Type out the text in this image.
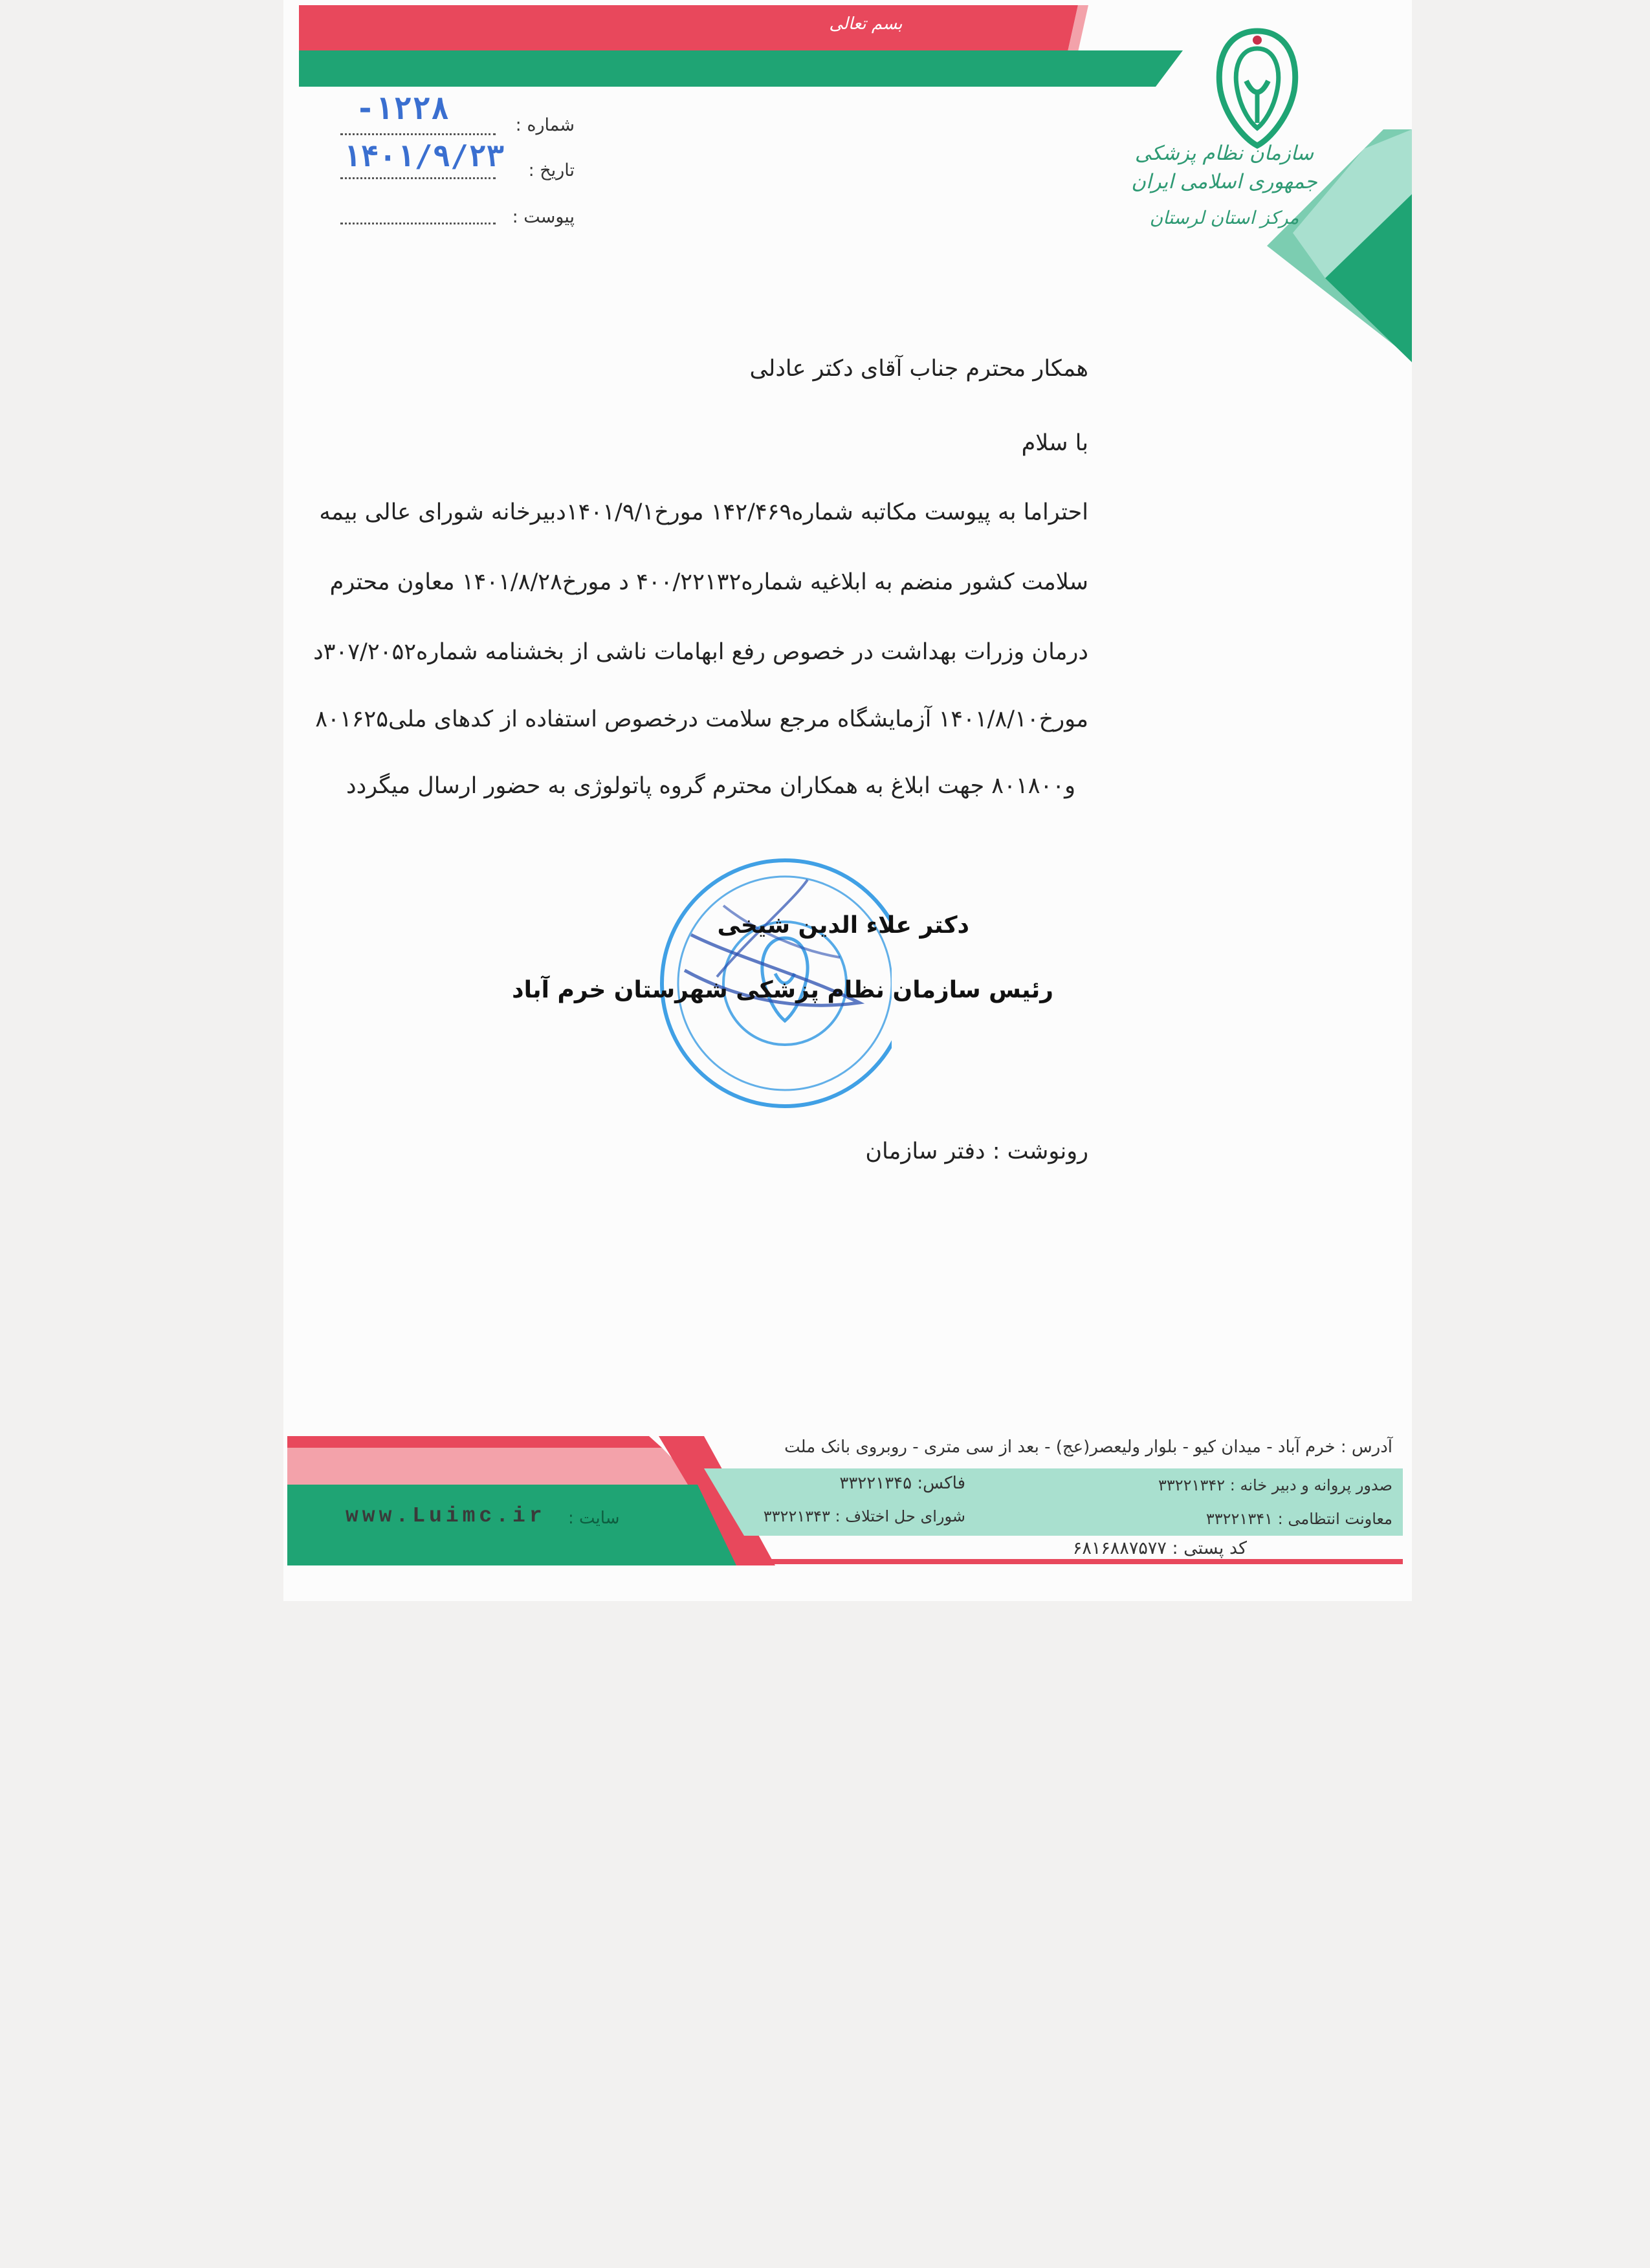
بسم تعالی
سازمان نظام پزشکی جمهوری اسلامی ایران
مرکز استان لرستان
شماره :
-۱۲۲۸
تاریخ :
۱۴۰۱/۹/۲۳
پیوست :
همکار محترم جناب آقای دکتر عادلی
با سلام
احتراما به پیوست مکاتبه شماره۱۴۲/۴۶۹ مورخ۱۴۰۱/۹/۱دبیرخانه شورای عالی بیمه
سلامت کشور منضم به ابلاغیه شماره۴۰۰/۲۲۱۳۲ د مورخ۱۴۰۱/۸/۲۸ معاون محترم
درمان وزرات بهداشت در خصوص رفع ابهامات ناشی از بخشنامه شماره۳۰۷/۲۰۵۲د
مورخ۱۴۰۱/۸/۱۰ آزمایشگاه مرجع سلامت درخصوص استفاده از کدهای ملی۸۰۱۶۲۵
و۸۰۱۸۰۰ جهت ابلاغ به همکاران محترم گروه پاتولوژی به حضور ارسال میگردد
دکتر علاء الدین شیخی
رئیس سازمان نظام پزشکی شهرستان خرم آباد
رونوشت : دفتر سازمان
آدرس : خرم آباد - میدان کیو - بلوار ولیعصر(عج) - بعد از سی متری - روبروی بانک ملت
صدور پروانه و دبیر خانه : ۳۳۲۲۱۳۴۲
فاکس: ۳۳۲۲۱۳۴۵
معاونت انتظامی : ۳۳۲۲۱۳۴۱
شورای حل اختلاف : ۳۳۲۲۱۳۴۳
سایت :
www.Luimc.ir
کد پستی : ۶۸۱۶۸۸۷۵۷۷
